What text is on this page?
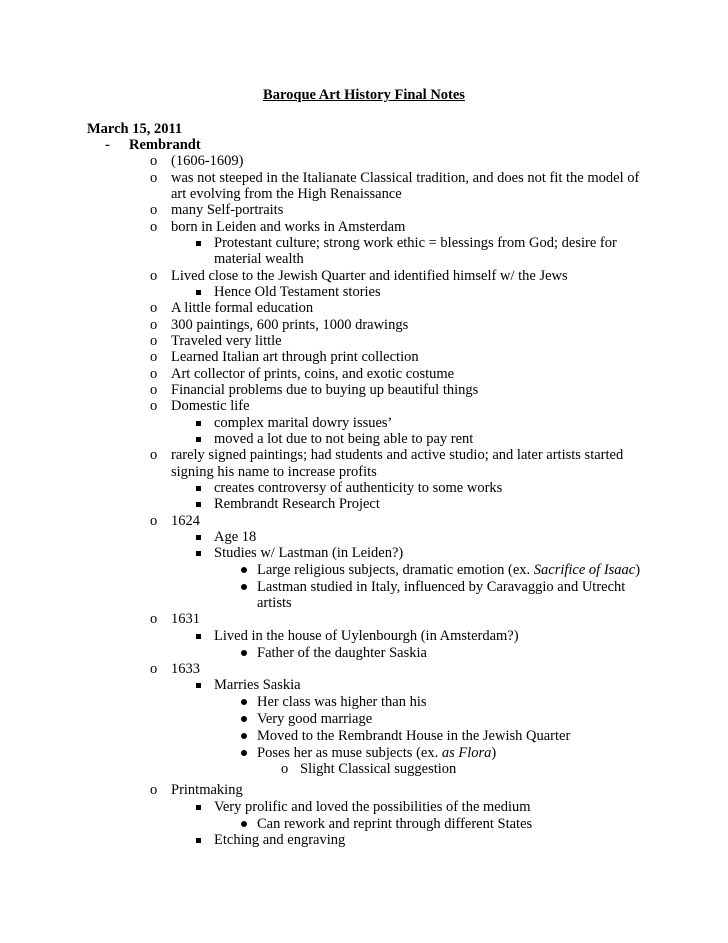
Baroque Art History Final Notes
March 15, 2011
- Rembrandt
o (1606-1609)
o was not steeped in the Italianate Classical tradition, and does not fit the model of
art evolving from the High Renaissance
o many Self-portraits
o born in Leiden and works in Amsterdam
Protestant culture; strong work ethic = blessings from God; desire for
material wealth
o Lived close to the Jewish Quarter and identified himself w/ the Jews
Hence Old Testament stories
o A little formal education
o 300 paintings, 600 prints, 1000 drawings
o Traveled very little
o Learned Italian art through print collection
o Art collector of prints, coins, and exotic costume
o Financial problems due to buying up beautiful things
o Domestic life
complex marital dowry issues’
moved a lot due to not being able to pay rent
o rarely signed paintings; had students and active studio; and later artists started
signing his name to increase profits
creates controversy of authenticity to some works
Rembrandt Research Project
o 1624
Age 18
Studies w/ Lastman (in Leiden?)
Large religious subjects, dramatic emotion (ex. Sacrifice of Isaac)
Lastman studied in Italy, influenced by Caravaggio and Utrecht
artists
o 1631
Lived in the house of Uylenbourgh (in Amsterdam?)
Father of the daughter Saskia
o 1633
Marries Saskia
Her class was higher than his
Very good marriage
Moved to the Rembrandt House in the Jewish Quarter
Poses her as muse subjects (ex. as Flora)
o Slight Classical suggestion
o Printmaking
Very prolific and loved the possibilities of the medium
Can rework and reprint through different States
Etching and engraving
